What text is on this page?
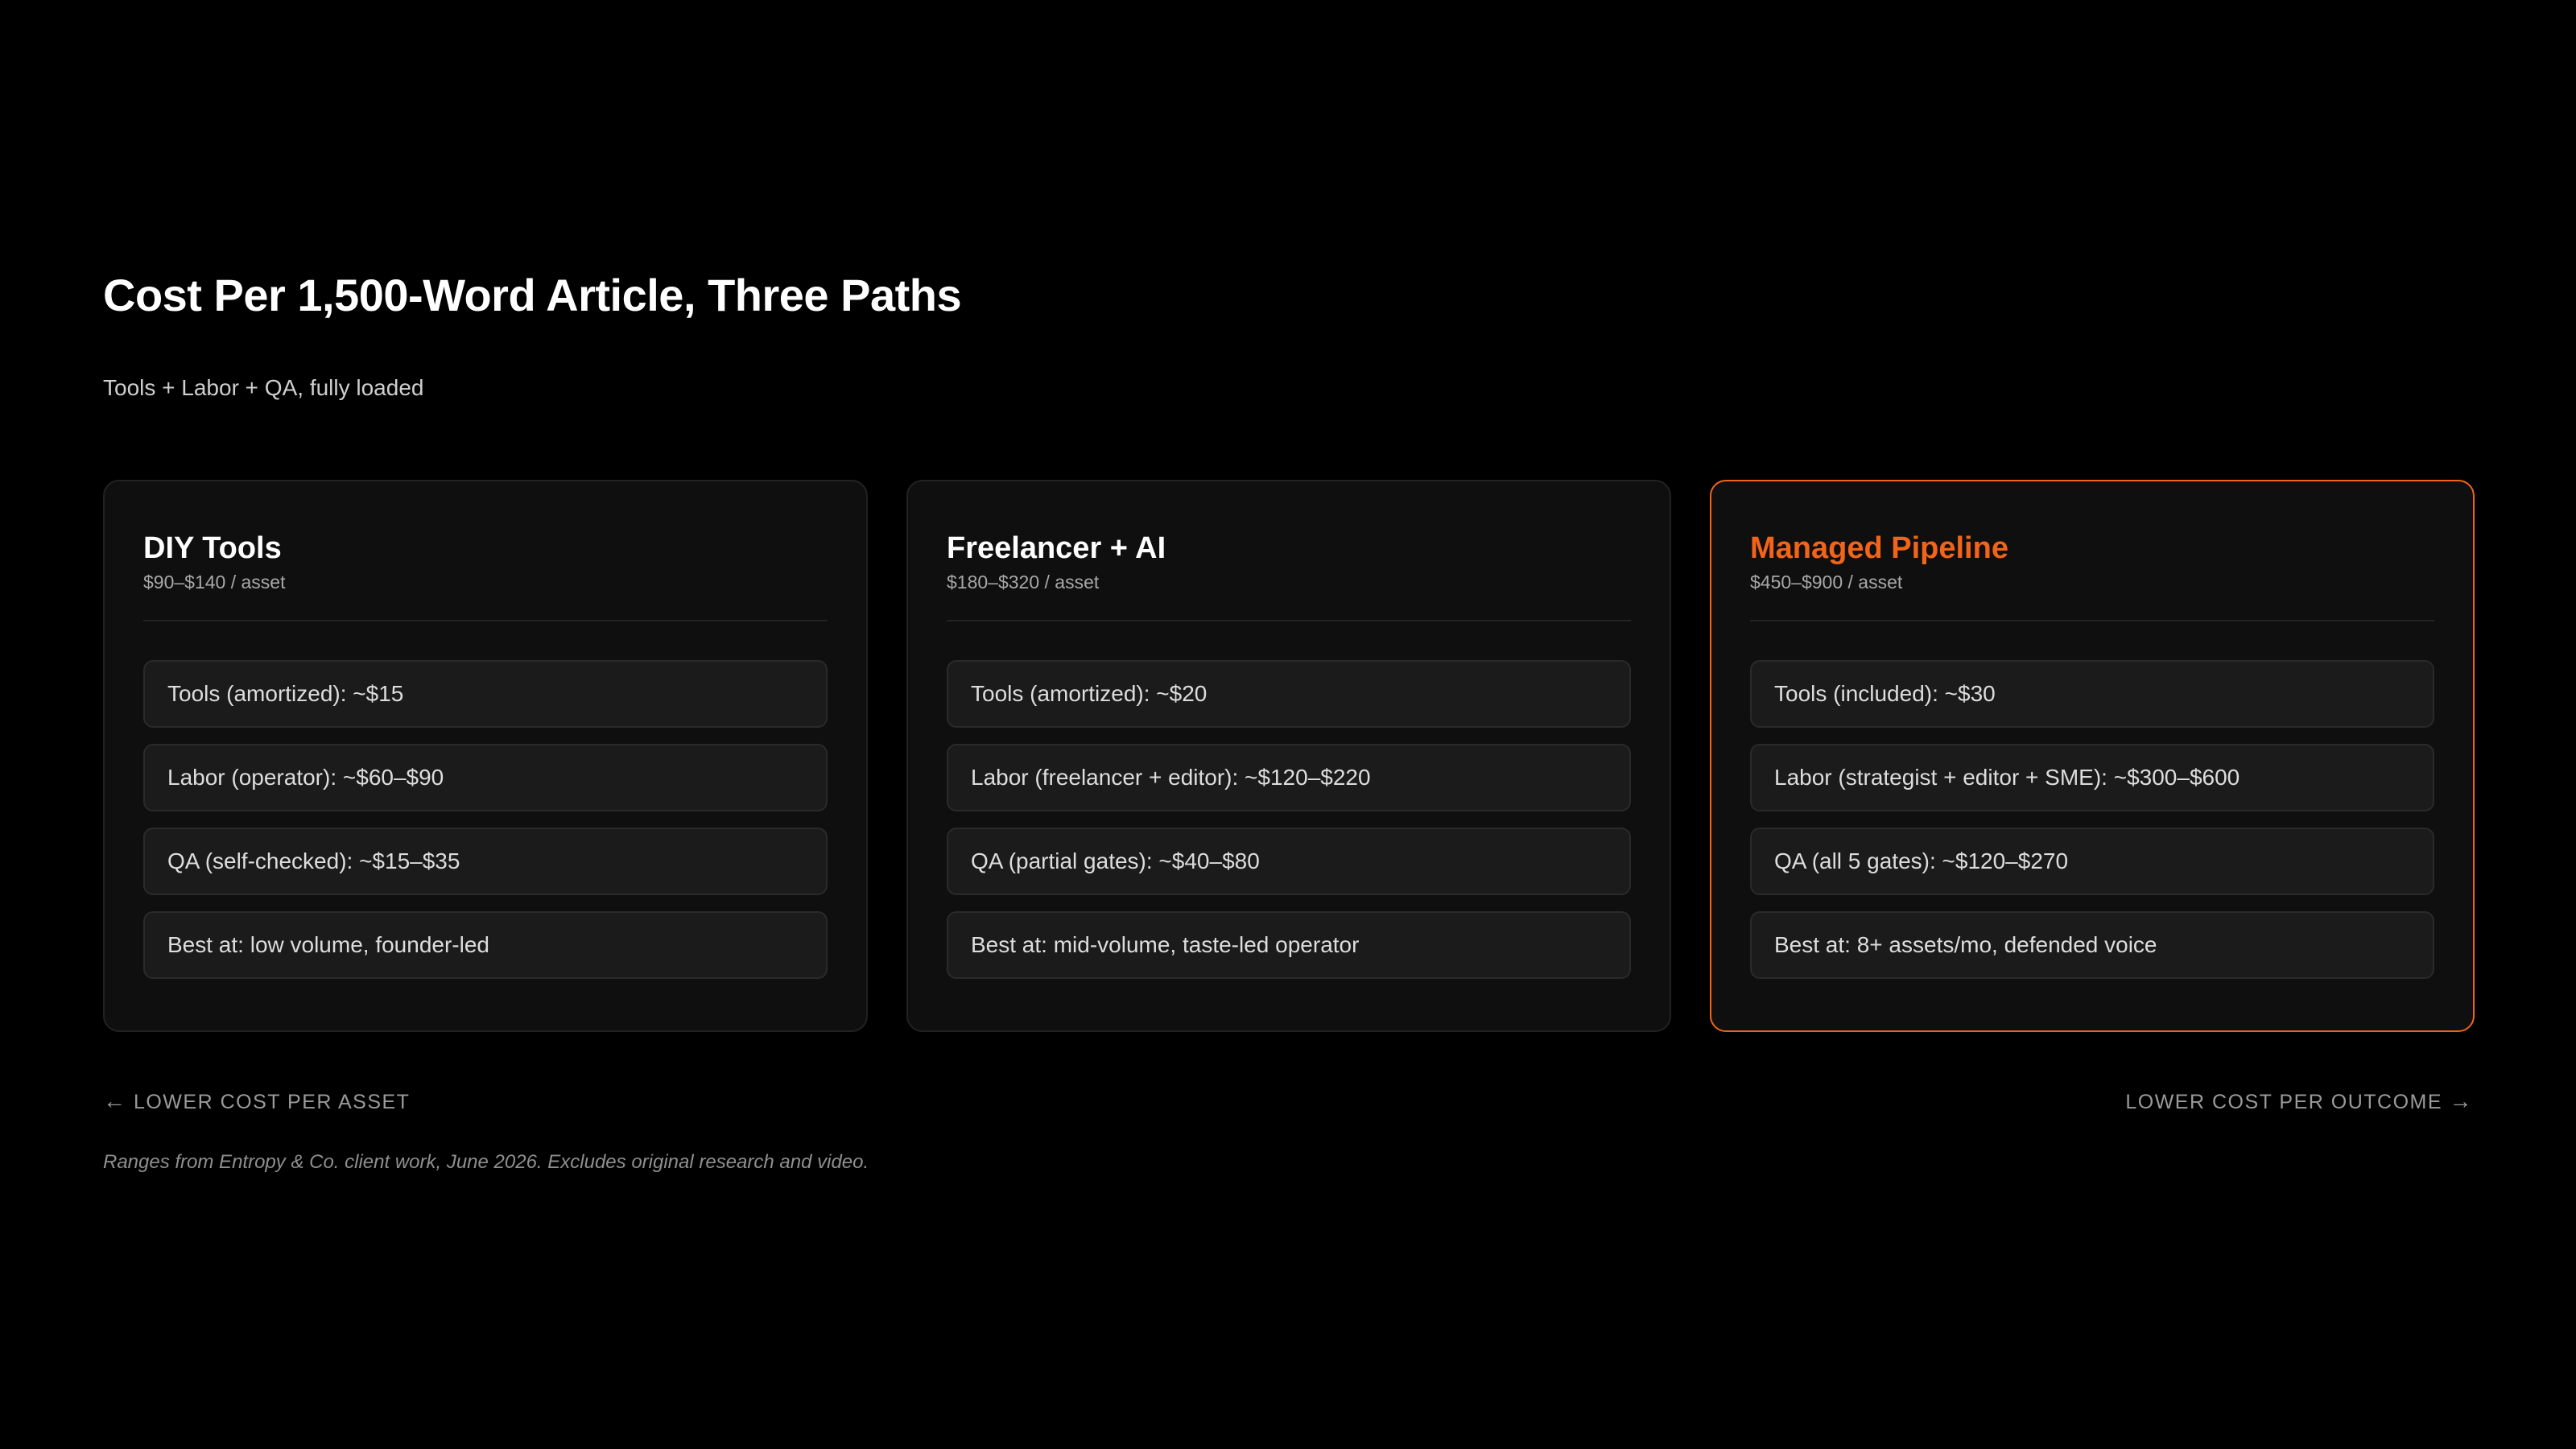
Cost Per 1,500-Word Article, Three Paths
Tools + Labor + QA, fully loaded
DIY Tools
$90–$140 / asset
Tools (amortized): ~$15
Labor (operator): ~$60–$90
QA (self-checked): ~$15–$35
Best at: low volume, founder-led
Freelancer + AI
$180–$320 / asset
Tools (amortized): ~$20
Labor (freelancer + editor): ~$120–$220
QA (partial gates): ~$40–$80
Best at: mid-volume, taste-led operator
Managed Pipeline
$450–$900 / asset
Tools (included): ~$30
Labor (strategist + editor + SME): ~$300–$600
QA (all 5 gates): ~$120–$270
Best at: 8+ assets/mo, defended voice
← LOWER COST PER ASSET	LOWER COST PER OUTCOME →
Ranges from Entropy & Co. client work, June 2026. Excludes original research and video.
